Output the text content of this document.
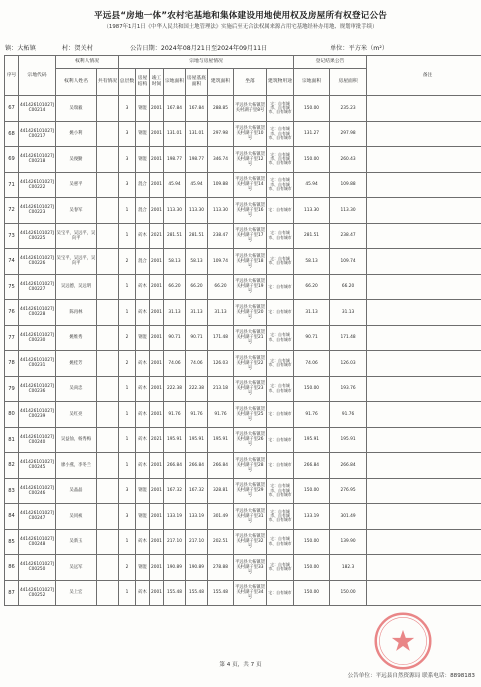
平远县“房地一体”农村宅基地和集体建设用地使用权及房屋所有权登记公告
（1987年1月1日《中华人民共和国土地管理法》实施后至无合法权属来源占用宅基地经补办用地、规划审批手续）
镇：大柘镇	村：贺关村	公告日期：2024年08月21日至2024年09月11日	单位：平方米（m²）
序号	宗地代码	权利人情况		宗地与房屋情况								登记结果公告		备注
		权利人姓名	共有情况	总层数	房屋结构	竣工时间	宗地面积	房屋基底面积	建筑面积	坐落	建筑物用途	宗地面积	房屋面积	
67	441426101027JC00214	吴瑞毅		3	钢混	2001	167.84	167.84	288.85	平远县大柘镇贺关村湖子里8号	宅：自有城市、自有城市、自有城市	150.00	235.23	
68	441426101027JC00217	姚小利		3	钢混	2001	131.01	131.01	297.98	平远县大柘镇贺关村湖子里10号	宅：自有城市、自有城市、自有城市	131.27	297.98	
69	441426101027JC00218	吴俊勤		3	钢混	2001	198.77	198.77	346.74	平远县大柘镇贺关村湖子里12号	宅：自有城市、自有城市、自有城市	150.00	260.43	
71	441426101027JC00222	吴惠平		3	混合	2001	45.94	45.94	109.88	平远县大柘镇贺关村湖子里14号	宅：自有城市、自有城市、自有城市	45.94	109.88	
72	441426101027JC00223	吴春军		1	混合	2001	113.30	113.30	113.30	平远县大柘镇贺关村湖子里16号	宅：自有城市	113.30	113.30	
73	441426101027JC00225	吴宝平，吴远平，吴向平		1	砖木	2021	281.51	281.51	238.47	平远县大柘镇贺关村湖子里17号	宅：自有城市、自有城市	281.51	238.47	
74	441426101027JC00226	吴宝平，吴远平，吴向平		2	混合	2001	58.13	58.13	109.74	平远县大柘镇贺关村湖子里18号	宅：自有城市、自有城市	58.13	109.74	
75	441426101027JC00227	吴远德，吴远明		1	砖木	2001	66.20	66.20	66.20	平远县大柘镇贺关村湖子里19号	宅：自有城市	66.20	66.20	
76	441426101027JC00228	陈再林		1	砖木	2001	31.13	31.13	31.13	平远县大柘镇贺关村湖子里20号	宅：自有城市	31.13	31.13	
77	441426101027JC00230	姚维秀		2	钢混	2001	90.71	90.71	171.48	平远县大柘镇贺关村湖子里21号	宅：自有城市、自有城市	90.71	171.48	
78	441426101027JC00231	姚桂芳		2	砖木	2001	74.06	74.06	126.03	平远县大柘镇贺关村湖子里22号	宅：自有城市、自有城市	74.06	126.03	
79	441426101027JC00236	吴尚忠		1	砖木	2001	222.38	222.38	213.18	平远县大柘镇贺关村湖子里23号	宅：自有城市、自有城市	150.00	193.76	
80	441426101027JC00239	吴红亮		1	砖木	2001	91.76	91.76	91.76	平远县大柘镇贺关村湖子里25号	宅：自有城市	91.76	91.76	
81	441426101027JC00240	吴益仙，杨秀梅		1	砖木	2021	195.91	195.91	195.91	平远县大柘镇贺关村湖子里26号	宅：自有城市	195.91	195.91	
82	441426101027JC00245	廖小燕，李冬兰		1	砖木	2001	266.84	266.84	266.84	平远县大柘镇贺关村湖子里28号	宅：自有城市	266.84	266.84	
83	441426101027JC00246	吴晶晶		3	钢混	2001	167.32	167.32	328.81	平远县大柘镇贺关村湖子里29号	宅：自有城市、自有城市、自有城市	150.00	276.95	
84	441426101027JC00247	吴同祯		3	钢混	2001	133.19	133.19	301.49	平远县大柘镇贺关村湖子里31号	宅：自有城市、自有城市、自有城市	133.19	301.49	
85	441426101027JC00248	吴新玉		1	砖木	2001	217.10	217.10	202.51	平远县大柘镇贺关村湖子里32号	宅：自有城市、自有城市	150.00	139.90	
86	441426101027JC00250	吴远军		2	钢混	2001	190.89	190.89	278.88	平远县大柘镇贺关村湖子里33号	宅：自有城市、自有城市	150.00	182.3	
87	441426101027JC00252	吴上宏		1	砖木	2001	155.48	155.48	155.48	平远县大柘镇贺关村湖子里34号	宅：自有城市	150.00	150.00	
第 4 页，共 7 页
公告单位：平远县自然资源局 联系电话：8898183
